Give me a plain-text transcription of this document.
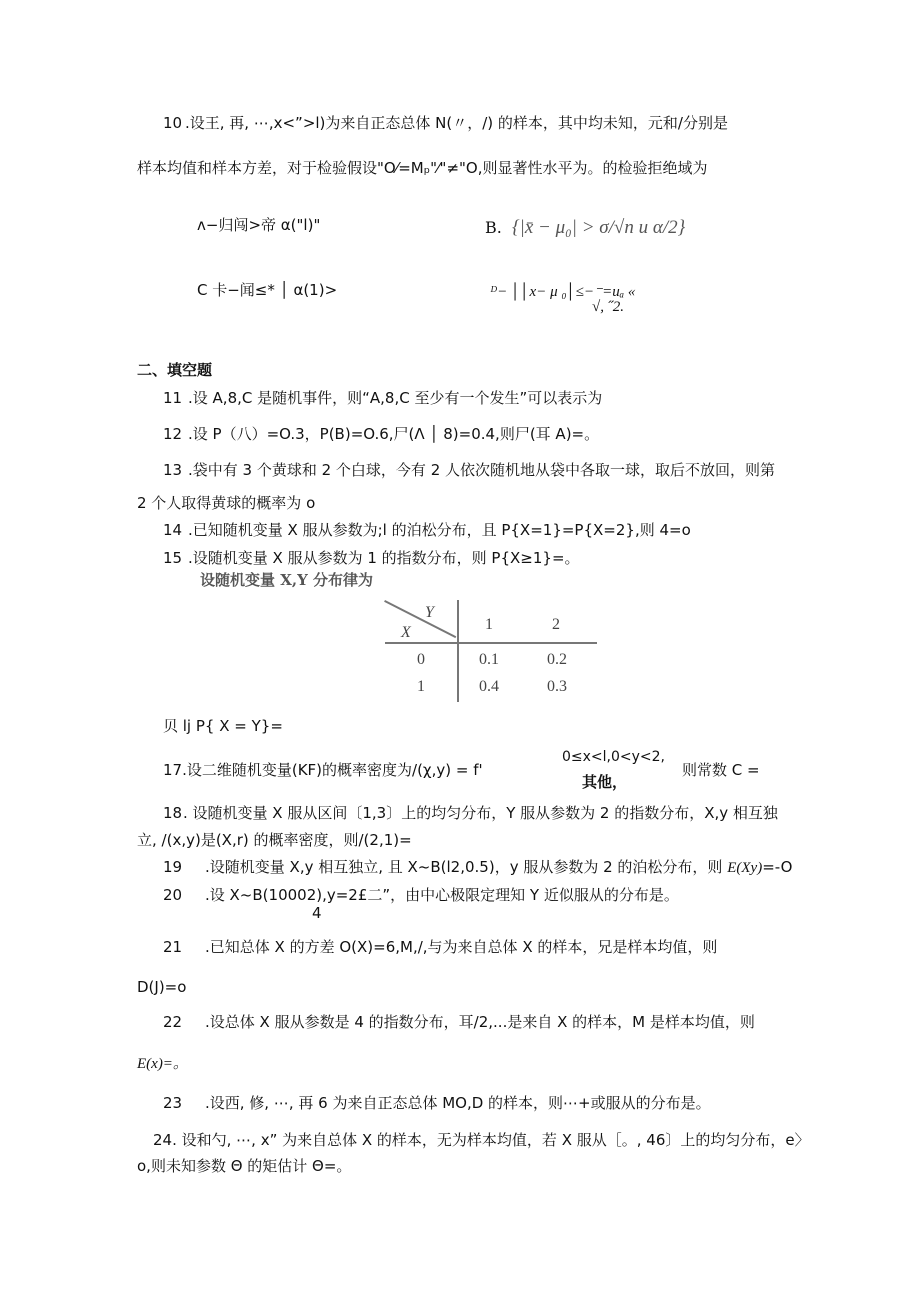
10 .设王, 再, ⋯,x<”>l)为来自正态总体 N(〃，/) 的样本，其中均未知，元和/分别是
样本均值和样本方差，对于检验假设"O⁄=Mₚ"⁄"≠"O,则显著性水平为。的检验拒绝域为
ʌ−归闯>帝 α("l)"	B. {|x̄ − μ₀| > σ/√n u α/2}
C 卡−闻≤* │ α(1)>	ᴰ− ││x− μ ₀│≤−⁻=uₐ «
√, ˝2.
二、填空题
11 .设 A,8,C 是随机事件，则“A,8,C 至少有一个发生”可以表示为
12 .设 P（八）=O.3，P(B)=O.6,尸(Λ │ 8)=0.4,则尸(耳 A)=。
13 .袋中有 3 个黄球和 2 个白球，今有 2 人依次随机地从袋中各取一球，取后不放回，则第
2 个人取得黄球的概率为 o
14 .已知随机变量 X 服从参数为;l 的泊松分布，且 P{X=1}=P{X=2},则 4=o
15 .设随机变量 X 服从参数为 1 的指数分布，则 P{X≥1}=。
设随机变量 X,Y 分布律为
Y
X	1	2
0	0.1	0.2
1	0.4	0.3
贝 lj P{ X = Y}=
17.设二维随机变量(KF)的概率密度为/(χ,y) = f'
0≤x<l,0<y<2,
其他，
则常数 C =
18 . 设随机变量 X 服从区间〔1,3〕上的均匀分布，Y 服从参数为 2 的指数分布，X,y 相互独
立, /(x,y)是(X,r) 的概率密度，则/(2,1)=
19 .设随机变量 X,y 相互独立, 且 X~B(l2,0.5)，y 服从参数为 2 的泊松分布，则 E(Xy)=-O
20 .设 X~B(10002),y=2£二”，由中心极限定理知 Y 近似服从的分布是。
4
21 .已知总体 X 的方差 O(X)=6,M,/,与为来自总体 X 的样本，兄是样本均值，则
D(J)=o
22 .设总体 X 服从参数是 4 的指数分布，耳/2,...是来自 X 的样本，M 是样本均值，则
E(x)=。
23 .设西, 修, ⋯, 再 6 为来自正态总体 MO,D 的样本，则⋯+或服从的分布是。
24. 设和勺, ⋯, x” 为来自总体 X 的样本，无为样本均值，若 X 服从［。, 46〕上的均匀分布，e〉
o,则未知参数 Θ 的矩估计 Θ=。
